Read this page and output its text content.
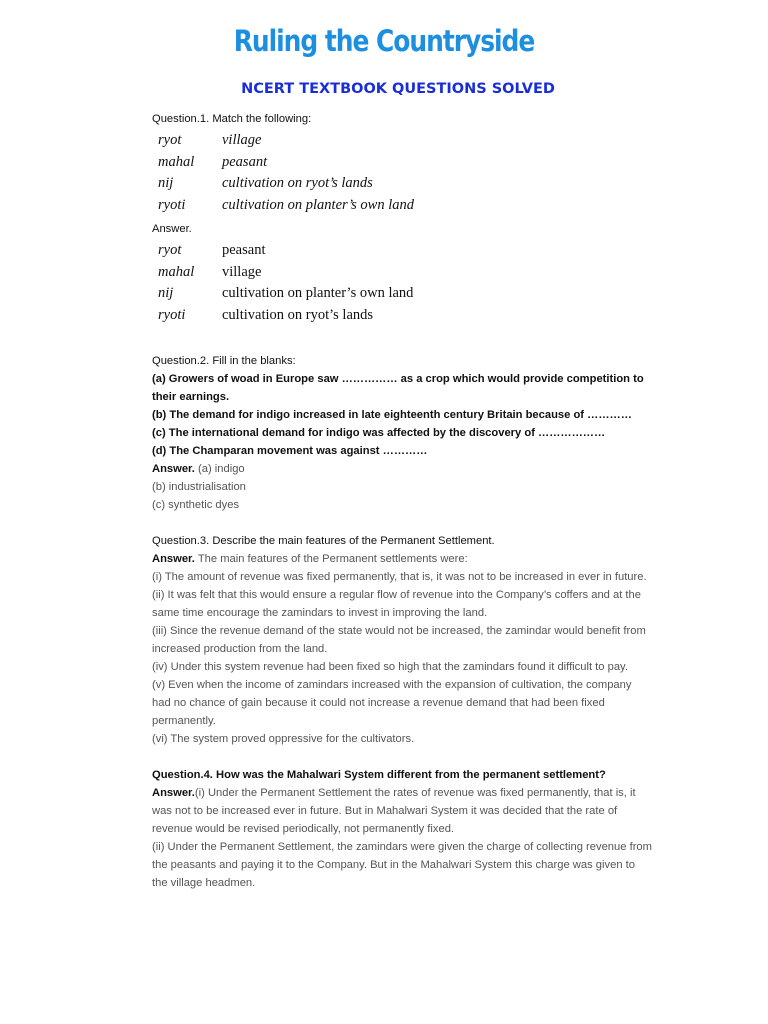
Ruling the Countryside
NCERT TEXTBOOK QUESTIONS SOLVED

Question.1. Match the following:

ryot	village
mahal	peasant
nij	cultivation on ryot’s lands
ryoti	cultivation on planter’s own land

Answer.

ryot	peasant
mahal	village
nij	cultivation on planter’s own land
ryoti	cultivation on ryot’s lands

Question.2. Fill in the blanks:

(a) Growers of woad in Europe saw …………… as a crop which would provide competition to their earnings.

(b) The demand for indigo increased in late eighteenth century Britain because of …………

(c) The international demand for indigo was affected by the discovery of ………………

(d) The Champaran movement was against …………

Answer. (a) indigo

(b) industrialisation

(c) synthetic dyes

Question.3. Describe the main features of the Permanent Settlement.

Answer. The main features of the Permanent settlements were:

(i) The amount of revenue was fixed permanently, that is, it was not to be increased in ever in future.

(ii) It was felt that this would ensure a regular flow of revenue into the Company’s coffers and at the same time encourage the zamindars to invest in improving the land.

(iii) Since the revenue demand of the state would not be increased, the zamindar would benefit from increased production from the land.

(iv) Under this system revenue had been fixed so high that the zamindars found it difficult to pay.

(v) Even when the income of zamindars increased with the expansion of cultivation, the company had no chance of gain because it could not increase a revenue demand that had been fixed permanently.

(vi) The system proved oppressive for the cultivators.

Question.4. How was the Mahalwari System different from the permanent settlement?

Answer.(i) Under the Permanent Settlement the rates of revenue was fixed permanently, that is, it was not to be increased ever in future. But in Mahalwari System it was decided that the rate of revenue would be revised periodically, not permanently fixed.

(ii) Under the Permanent Settlement, the zamindars were given the charge of collecting revenue from the peasants and paying it to the Company. But in the Mahalwari System this charge was given to the village headmen.
